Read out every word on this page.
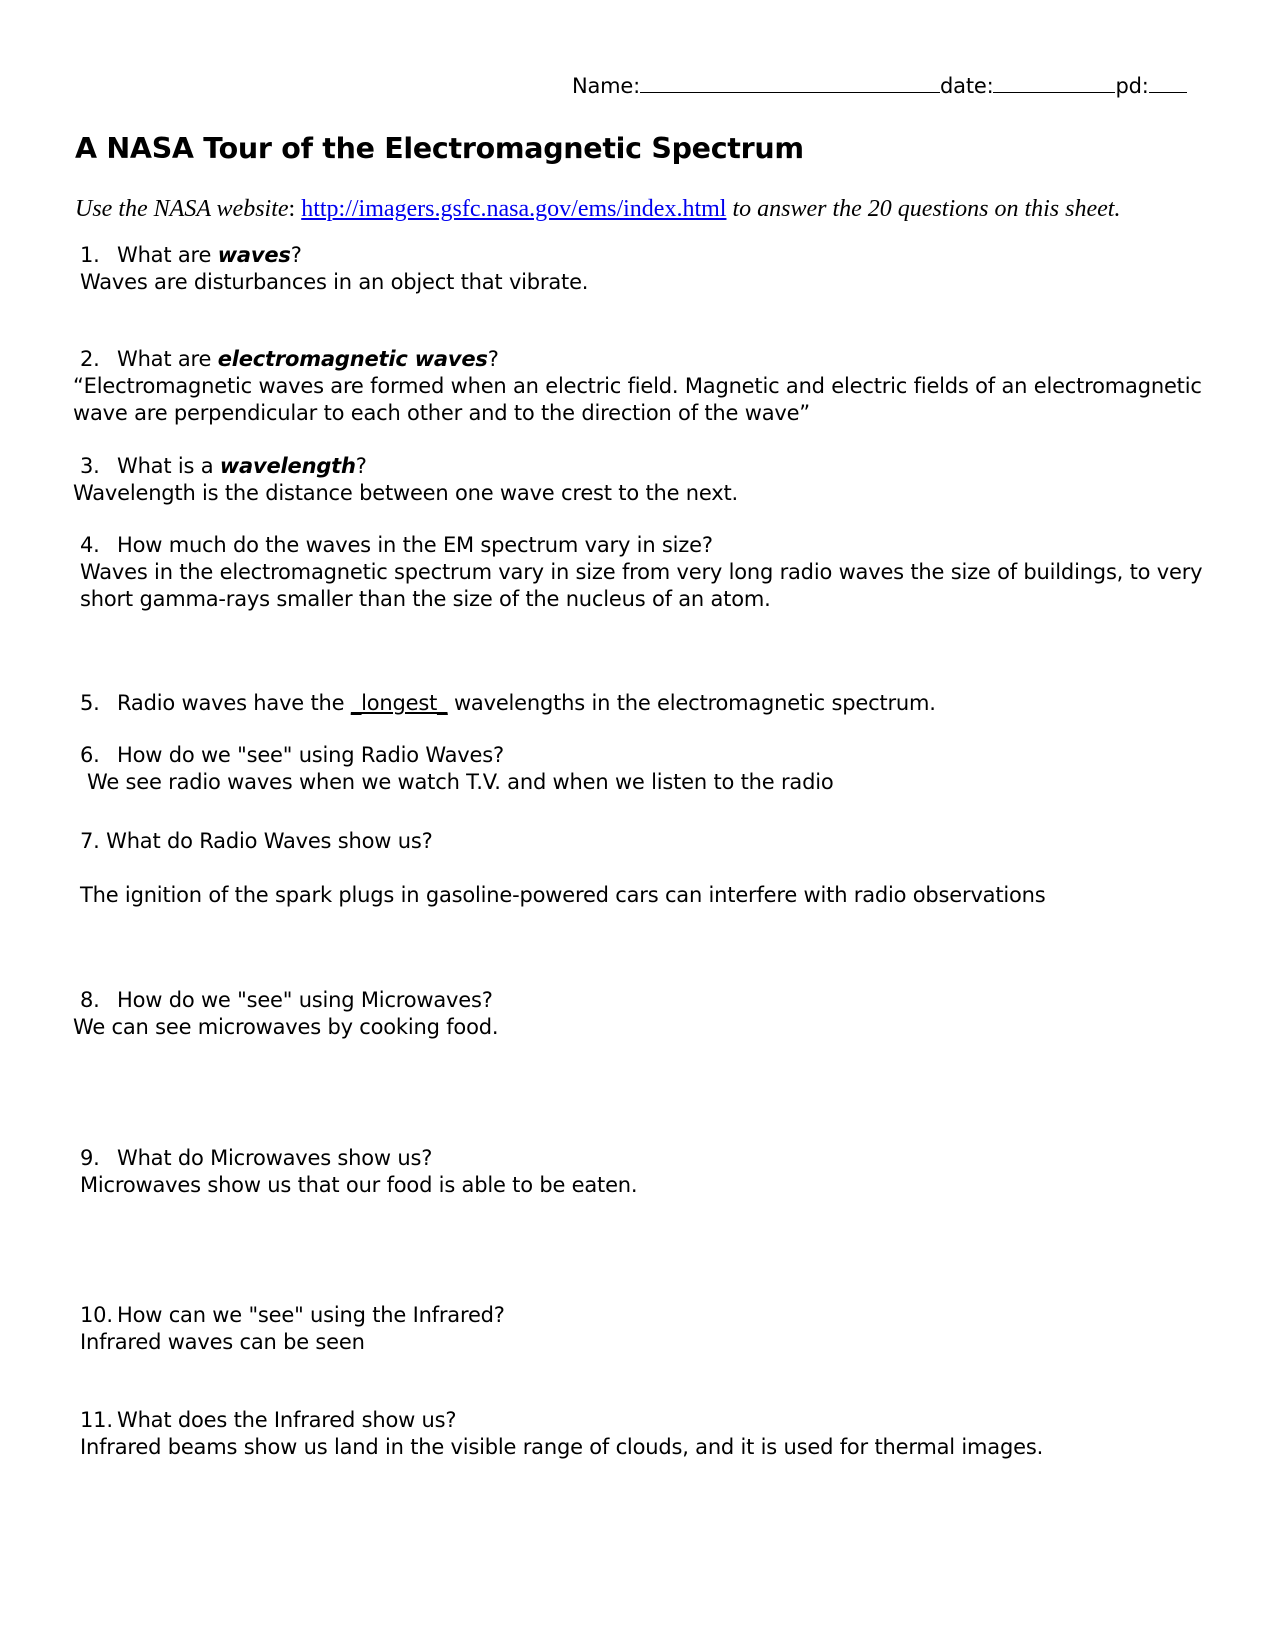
Name:	date:	pd:
A NASA Tour of the Electromagnetic Spectrum
Use the NASA website: http://imagers.gsfc.nasa.gov/ems/index.html to answer the 20 questions on this sheet.
1. What are waves?
Waves are disturbances in an object that vibrate.
2. What are electromagnetic waves?
“Electromagnetic waves are formed when an electric field. Magnetic and electric fields of an electromagnetic
wave are perpendicular to each other and to the direction of the wave”
3. What is a wavelength?
Wavelength is the distance between one wave crest to the next.
4. How much do the waves in the EM spectrum vary in size?
Waves in the electromagnetic spectrum vary in size from very long radio waves the size of buildings, to very
short gamma-rays smaller than the size of the nucleus of an atom.
5. Radio waves have the _longest_ wavelengths in the electromagnetic spectrum.
6. How do we "see" using Radio Waves?
We see radio waves when we watch T.V. and when we listen to the radio
7. What do Radio Waves show us?
The ignition of the spark plugs in gasoline-powered cars can interfere with radio observations
8. How do we "see" using Microwaves?
We can see microwaves by cooking food.
9. What do Microwaves show us?
Microwaves show us that our food is able to be eaten.
10. How can we "see" using the Infrared?
Infrared waves can be seen
11. What does the Infrared show us?
Infrared beams show us land in the visible range of clouds, and it is used for thermal images.
